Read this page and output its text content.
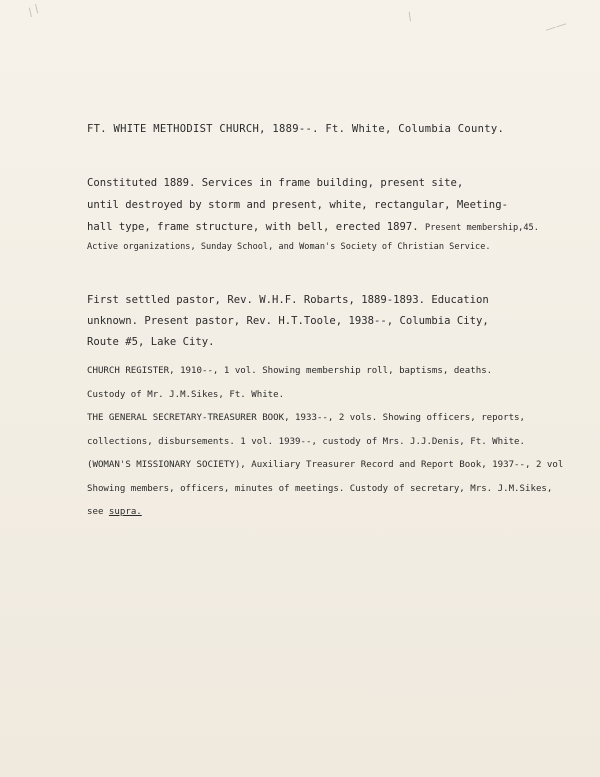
/ /
——
/
FT. WHITE METHODIST CHURCH, 1889--. Ft. White, Columbia County.
Constituted 1889. Services in frame building, present site,
until destroyed by storm and present, white, rectangular, Meeting-
hall type, frame structure, with bell, erected 1897. Present membership,45.
Active organizations, Sunday School, and Woman's Society of Christian Service.
First settled pastor, Rev. W.H.F. Robarts, 1889-1893. Education
unknown. Present pastor, Rev. H.T.Toole, 1938--, Columbia City,
Route #5, Lake City.
CHURCH REGISTER, 1910--, 1 vol. Showing membership roll, baptisms, deaths.
Custody of Mr. J.M.Sikes, Ft. White.
THE GENERAL SECRETARY-TREASURER BOOK, 1933--, 2 vols. Showing officers, reports,
collections, disbursements. 1 vol. 1939--, custody of Mrs. J.J.Denis, Ft. White.
(WOMAN'S MISSIONARY SOCIETY), Auxiliary Treasurer Record and Report Book, 1937--, 2 vol
Showing members, officers, minutes of meetings. Custody of secretary, Mrs. J.M.Sikes,
see supra.
